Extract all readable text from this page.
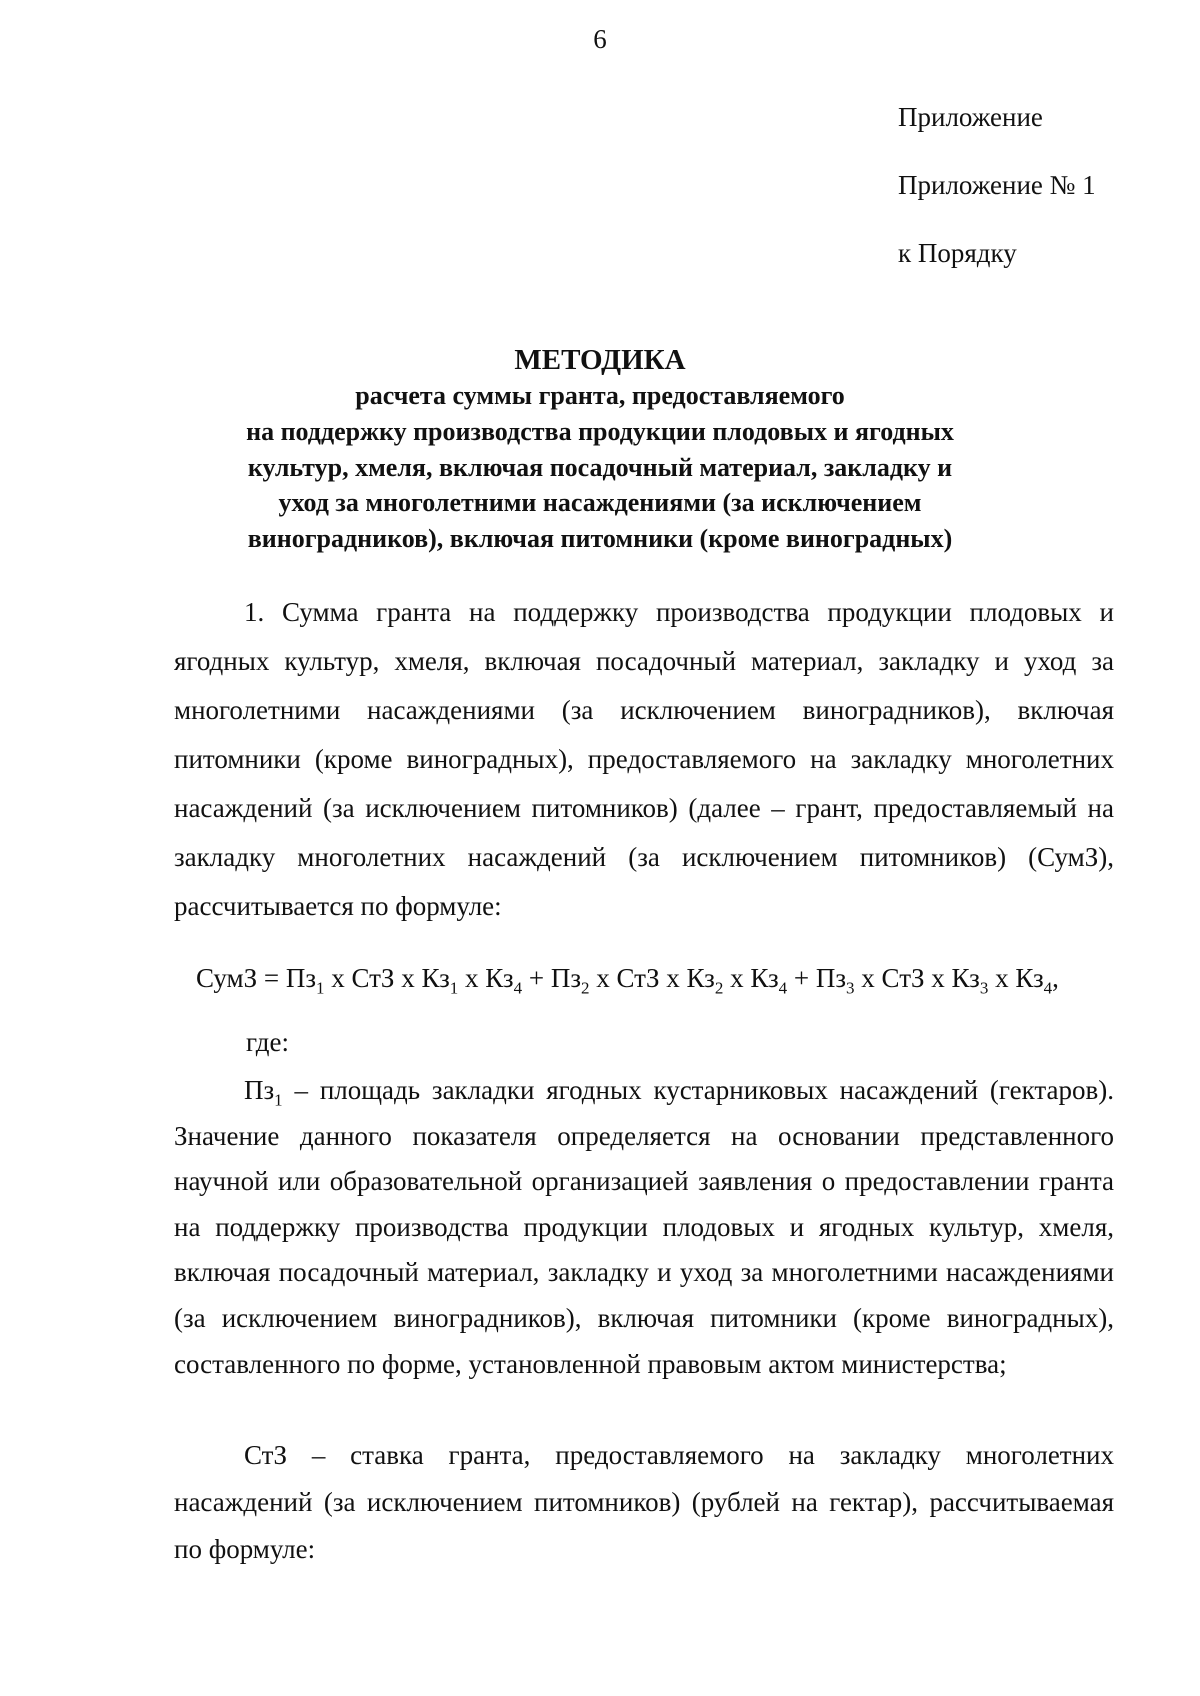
6
Приложение
Приложение № 1
к Порядку
МЕТОДИКА
расчета суммы гранта, предоставляемого
на поддержку производства продукции плодовых и ягодных
культур, хмеля, включая посадочный материал, закладку и
уход за многолетними насаждениями (за исключением
виноградников), включая питомники (кроме виноградных)
1. Сумма гранта на поддержку производства продукции плодовых и ягодных культур, хмеля, включая посадочный материал, закладку и уход за многолетними насаждениями (за исключением виноградников), включая питомники (кроме виноградных), предоставляемого на закладку многолетних насаждений (за исключением питомников) (далее – грант, предоставляемый на закладку многолетних насаждений (за исключением питомников) (СумЗ), рассчитывается по формуле:
СумЗ = $Пз_1$ x СтЗ x $Кз_1$ x $Кз_4 + Пз_2$ x СтЗ x $Кз_2$ x $Кз_4 + Пз_3$ x СтЗ x $Кз_3$ x $Кз_4$,
где:
$Пз_1$ – площадь закладки ягодных кустарниковых насаждений (гектаров). Значение данного показателя определяется на основании представленного научной или образовательной организацией заявления о предоставлении гранта на поддержку производства продукции плодовых и ягодных культур, хмеля, включая посадочный материал, закладку и уход за многолетними насаждениями (за исключением виноградников), включая питомники (кроме виноградных), составленного по форме, установленной правовым актом министерства;
СтЗ – ставка гранта, предоставляемого на закладку многолетних насаждений (за исключением питомников) (рублей на гектар), рассчитываемая по формуле:
